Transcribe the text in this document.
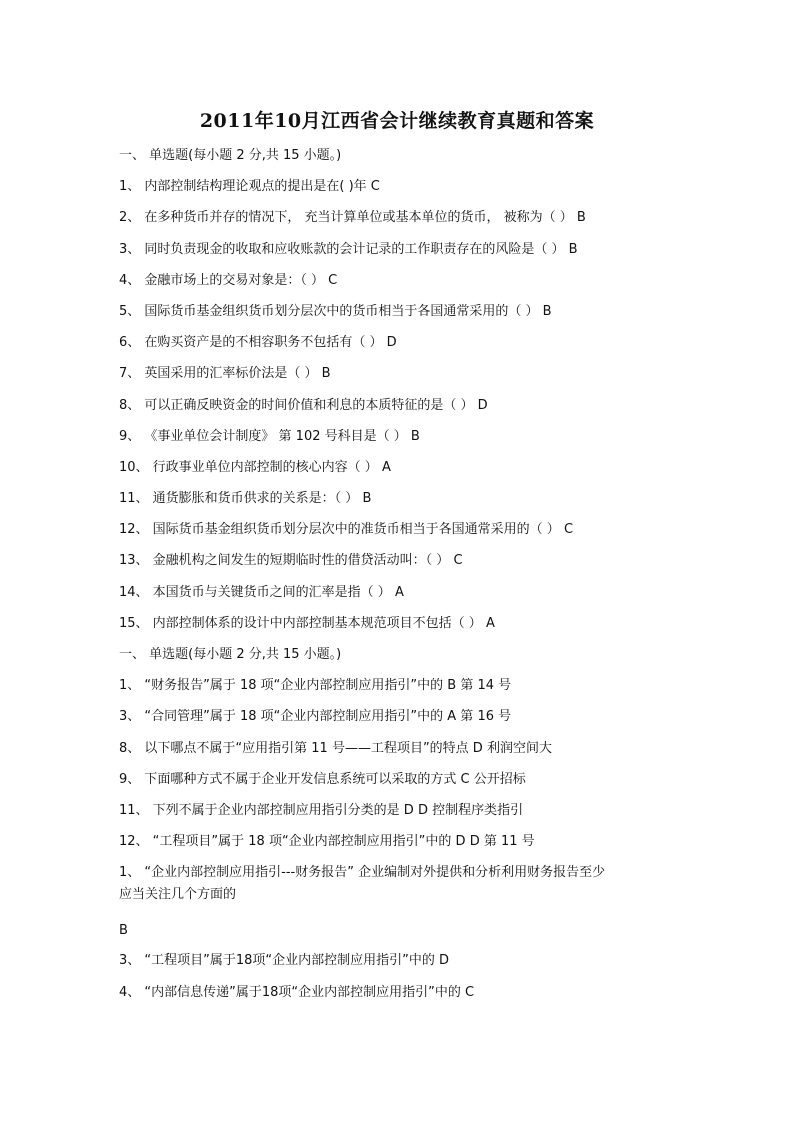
2011年10月江西省会计继续教育真题和答案
一、 单选题(每小题 2 分,共 15 小题。)
1、 内部控制结构理论观点的提出是在( )年 C
2、 在多种货币并存的情况下， 充当计算单位或基本单位的货币， 被称为（ ） B
3、 同时负责现金的收取和应收账款的会计记录的工作职责存在的风险是（ ） B
4、 金融市场上的交易对象是：（ ） C
5、 国际货币基金组织货币划分层次中的货币相当于各国通常采用的（ ） B
6、 在购买资产是的不相容职务不包括有（ ） D
7、 英国采用的汇率标价法是（ ） B
8、 可以正确反映资金的时间价值和利息的本质特征的是（ ） D
9、 《事业单位会计制度》 第 102 号科目是（ ） B
10、 行政事业单位内部控制的核心内容（ ） A
11、 通货膨胀和货币供求的关系是：（ ） B
12、 国际货币基金组织货币划分层次中的准货币相当于各国通常采用的（ ） C
13、 金融机构之间发生的短期临时性的借贷活动叫：（ ） C
14、 本国货币与关键货币之间的汇率是指（ ） A
15、 内部控制体系的设计中内部控制基本规范项目不包括（ ） A
一、 单选题(每小题 2 分,共 15 小题。)
1、 “财务报告”属于 18 项“企业内部控制应用指引”中的 B 第 14 号
3、 “合同管理”属于 18 项“企业内部控制应用指引”中的 A 第 16 号
8、 以下哪点不属于“应用指引第 11 号——工程项目”的特点 D 利润空间大
9、 下面哪种方式不属于企业开发信息系统可以采取的方式 C 公开招标
11、 下列不属于企业内部控制应用指引分类的是 D D 控制程序类指引
12、 “工程项目”属于 18 项“企业内部控制应用指引”中的 D D 第 11 号
1、 “企业内部控制应用指引---财务报告” 企业编制对外提供和分析利用财务报告至少
应当关注几个方面的
B
3、 “工程项目”属于18项“企业内部控制应用指引”中的 D
4、 “内部信息传递”属于18项“企业内部控制应用指引”中的 C
